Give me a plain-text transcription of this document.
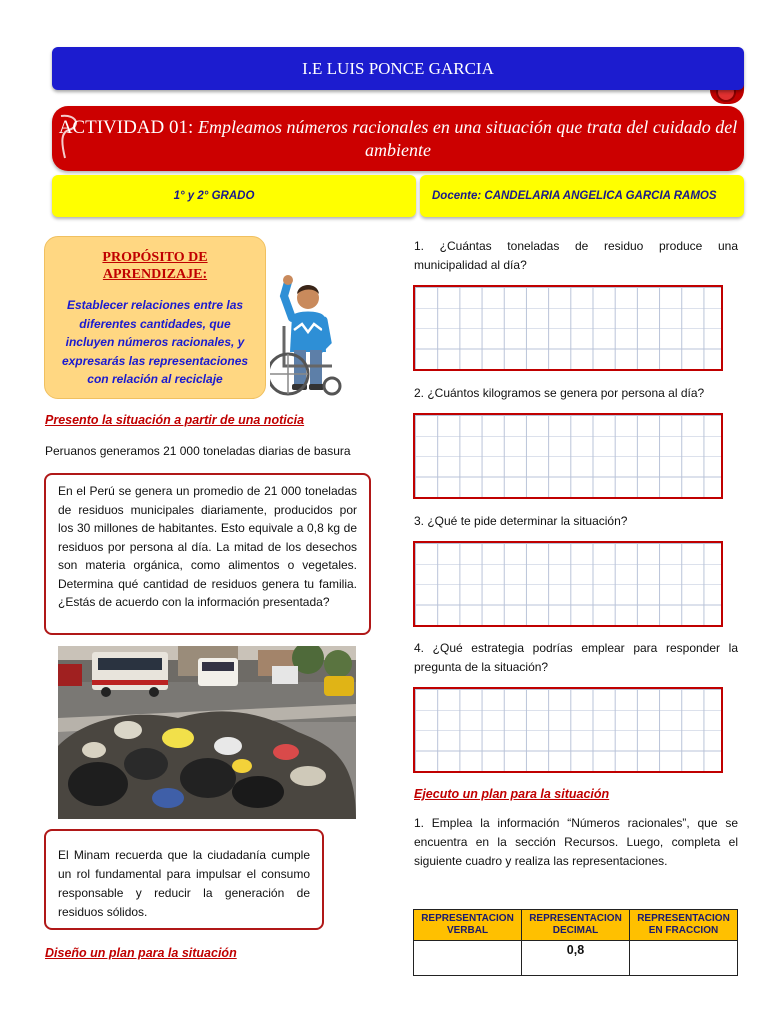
I.E LUIS PONCE GARCIA
ACTIVIDAD 01: Empleamos números racionales en una situación que trata del cuidado del ambiente
1° y 2° GRADO	Docente: CANDELARIA ANGELICA GARCIA RAMOS
PROPÓSITO DE APRENDIZAJE:
Establecer relaciones entre las diferentes cantidades, que incluyen números racionales, y expresarás las representaciones con relación al reciclaje
Presento la situación a partir de una noticia
Peruanos generamos 21 000 toneladas diarias de basura
En el Perú se genera un promedio de 21 000 toneladas de residuos municipales diariamente, producidos por los 30 millones de habitantes. Esto equivale a 0,8 kg de residuos por persona al día. La mitad de los desechos son materia orgánica, como alimentos o vegetales. Determina qué cantidad de residuos genera tu familia. ¿Estás de acuerdo con la información presentada?
El Minam recuerda que la ciudadanía cumple un rol fundamental para impulsar el consumo responsable y reducir la generación de residuos sólidos.
Diseño un plan para la situación
1. ¿Cuántas toneladas de residuo produce una municipalidad al día?
2. ¿Cuántos kilogramos se genera por persona al día?
3. ¿Qué te pide determinar la situación?
4. ¿Qué estrategia podrías emplear para responder la pregunta de la situación?
Ejecuto un plan para la situación
1. Emplea la información “Números racionales”, que se encuentra en la sección Recursos. Luego, completa el siguiente cuadro y realiza las representaciones.
REPRESENTACION VERBAL	REPRESENTACION DECIMAL	REPRESENTACION EN FRACCION
	0,8	
